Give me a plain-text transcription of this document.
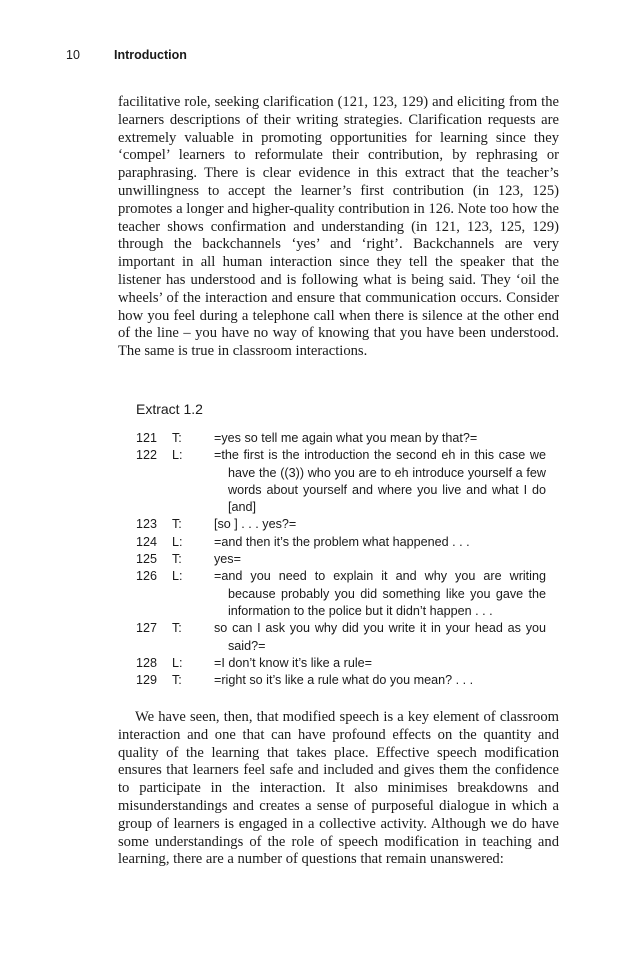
10	Introduction

facilitative role, seeking clarification (121, 123, 129) and eliciting from the learners descriptions of their writing strategies. Clarification requests are extremely valuable in promoting opportunities for learning since they ‘compel’ learners to reformulate their contribution, by rephrasing or paraphrasing. There is clear evidence in this extract that the teacher’s unwillingness to accept the learner’s first contribution (in 123, 125) promotes a longer and higher-quality contribution in 126. Note too how the teacher shows confirmation and understanding (in 121, 123, 125, 129) through the backchannels ‘yes’ and ‘right’. Backchannels are very important in all human interaction since they tell the speaker that the listener has understood and is following what is being said. They ‘oil the wheels’ of the interaction and ensure that communication occurs. Consider how you feel during a telephone call when there is silence at the other end of the line – you have no way of knowing that you have been understood. The same is true in classroom interactions.

Extract 1.2
121 T:	=yes so tell me again what you mean by that?=
122 L: =the first is the introduction the second eh in this case we have the ((3)) who you are to eh introduce yourself a few words about yourself and where you live and what I do [and]
123 T:	[so ] . . . yes?=
124 L: =and then it’s the problem what happened . . .
125 T:	yes=
126 L: =and you need to explain it and why you are writing because probably you did something like you gave the information to the police but it didn’t happen . . .
127 T:	so can I ask you why did you write it in your head as you said?=
128 L: =I don’t know it’s like a rule=
129 T:	=right so it’s like a rule what do you mean? . . .

We have seen, then, that modified speech is a key element of classroom interaction and one that can have profound effects on the quantity and quality of the learning that takes place. Effective speech modification ensures that learners feel safe and included and gives them the confidence to participate in the interaction. It also minimises breakdowns and misunderstandings and creates a sense of purposeful dialogue in which a group of learners is engaged in a collective activity. Although we do have some understandings of the role of speech modification in teaching and learning, there are a number of questions that remain unanswered:
